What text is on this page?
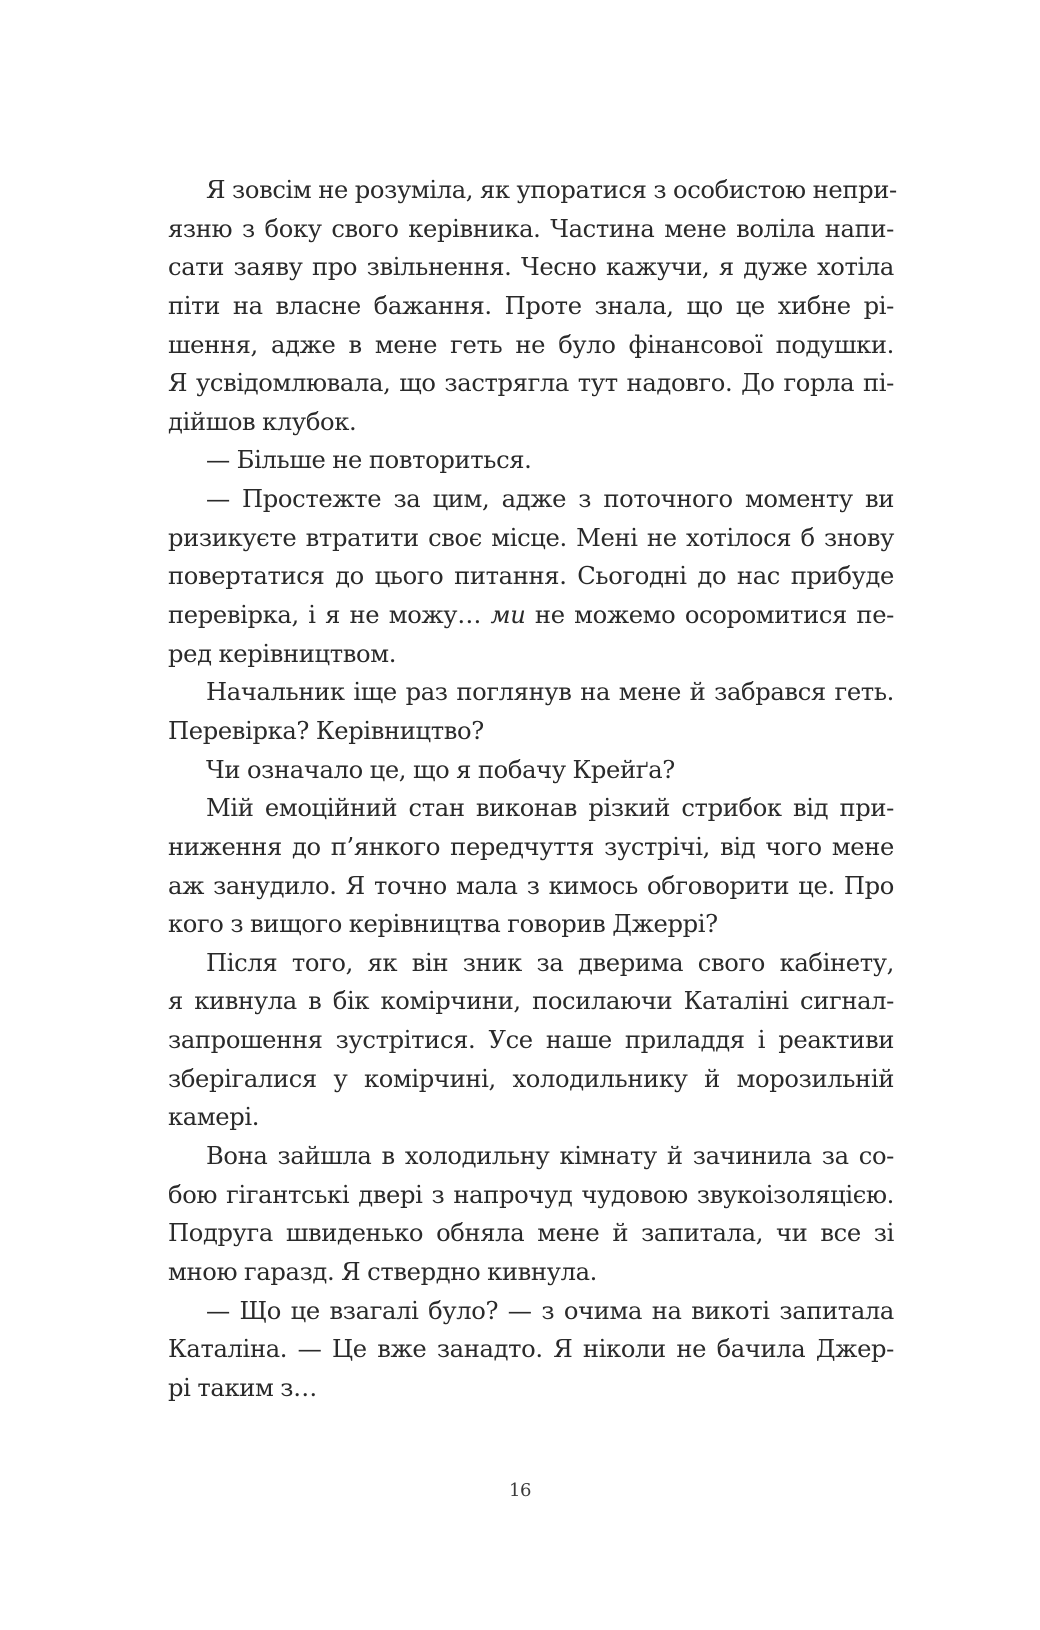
Я зовсім не розуміла, як упоратися з особистою непри-
язню з боку свого керівника. Частина мене воліла напи-
сати заяву про звільнення. Чесно кажучи, я дуже хотіла
піти на власне бажання. Проте знала, що це хибне рі-
шення, адже в мене геть не було фінансової подушки.
Я усвідомлювала, що застрягла тут надовго. До горла пі-
дійшов клубок.
— Більше не повториться.
— Простежте за цим, адже з поточного моменту ви
ризикуєте втратити своє місце. Мені не хотілося б знову
повертатися до цього питання. Сьогодні до нас прибуде
перевірка, і я не можу… ми не можемо осоромитися пе-
ред керівництвом.
Начальник іще раз поглянув на мене й забрався геть.
Перевірка? Керівництво?
Чи означало це, що я побачу Крейґа?
Мій емоційний стан виконав різкий стрибок від при-
ниження до п’янкого передчуття зустрічі, від чого мене
аж занудило. Я точно мала з кимось обговорити це. Про
кого з вищого керівництва говорив Джеррі?
Після того, як він зник за дверима свого кабінету,
я кивнула в бік комірчини, посилаючи Каталіні сигнал-
запрошення зустрітися. Усе наше приладдя і реактиви
зберігалися у комірчині, холодильнику й морозильній
камері.
Вона зайшла в холодильну кімнату й зачинила за со-
бою гігантські двері з напрочуд чудовою звукоізоляцією.
Подруга швиденько обняла мене й запитала, чи все зі
мною гаразд. Я ствердно кивнула.
— Що це взагалі було? — з очима на викоті запитала
Каталіна. — Це вже занадто. Я ніколи не бачила Джер-
рі таким з…
16
